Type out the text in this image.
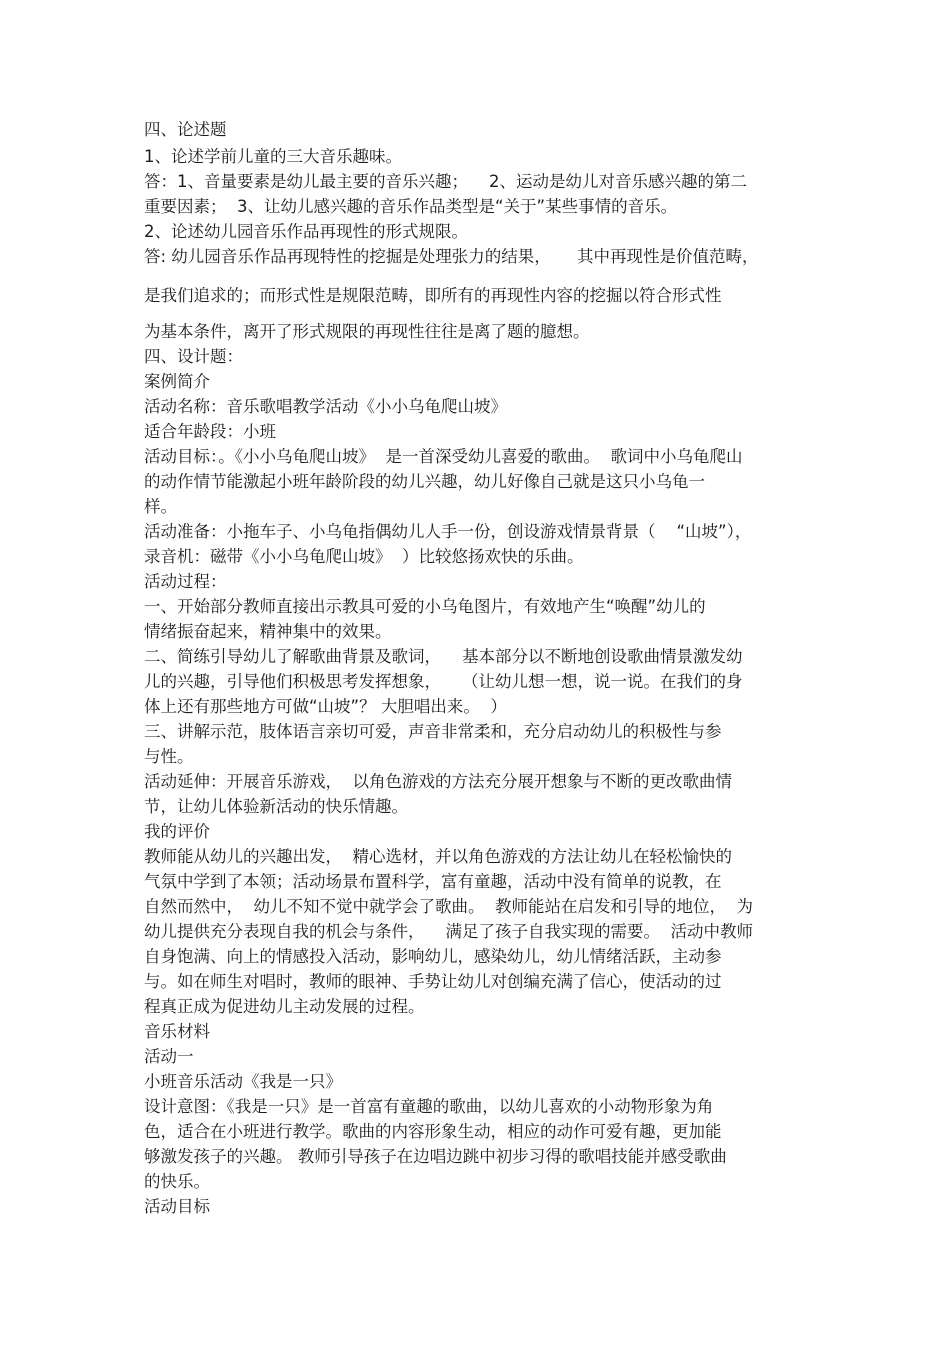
四、论述题

1、论述学前儿童的三大音乐趣味。

答：1、音量要素是幼儿最主要的音乐兴趣；    2、运动是幼儿对音乐感兴趣的第二

重要因素；  3、让幼儿感兴趣的音乐作品类型是“关于”某些事情的音乐。

2、论述幼儿园音乐作品再现性的形式规限。

答: 幼儿园音乐作品再现特性的挖掘是处理张力的结果，     其中再现性是价值范畴，

是我们追求的；而形式性是规限范畴，即所有的再现性内容的挖掘以符合形式性

为基本条件，离开了形式规限的再现性往往是离了题的臆想。

四、设计题：

案例简介

活动名称：音乐歌唱教学活动《小小乌龟爬山坡》

适合年龄段：小班

活动目标：。《小小乌龟爬山坡》  是一首深受幼儿喜爱的歌曲。  歌词中小乌龟爬山

的动作情节能激起小班年龄阶段的幼儿兴趣，幼儿好像自己就是这只小乌龟一

样。

活动准备：小拖车子、小乌龟指偶幼儿人手一份，创设游戏情景背景（    “山坡”），

录音机：磁带《小小乌龟爬山坡》  ）比较悠扬欢快的乐曲。

活动过程：

一、开始部分教师直接出示教具可爱的小乌龟图片，有效地产生“唤醒”幼儿的

情绪振奋起来，精神集中的效果。

二、简练引导幼儿了解歌曲背景及歌词，    基本部分以不断地创设歌曲情景激发幼

儿的兴趣，引导他们积极思考发挥想象，    （让幼儿想一想，说一说。在我们的身

体上还有那些地方可做“山坡”？ 大胆唱出来。  ）

三、讲解示范，肢体语言亲切可爱，声音非常柔和，充分启动幼儿的积极性与参

与性。

活动延伸：开展音乐游戏，  以角色游戏的方法充分展开想象与不断的更改歌曲情

节，让幼儿体验新活动的快乐情趣。

我的评价

教师能从幼儿的兴趣出发，  精心选材，并以角色游戏的方法让幼儿在轻松愉快的

气氛中学到了本领；活动场景布置科学，富有童趣，活动中没有简单的说教，在

自然而然中，  幼儿不知不觉中就学会了歌曲。  教师能站在启发和引导的地位，  为

幼儿提供充分表现自我的机会与条件，    满足了孩子自我实现的需要。  活动中教师

自身饱满、向上的情感投入活动，影响幼儿，感染幼儿，幼儿情绪活跃，主动参

与。如在师生对唱时，教师的眼神、手势让幼儿对创编充满了信心，使活动的过

程真正成为促进幼儿主动发展的过程。

音乐材料

活动一

小班音乐活动《我是一只》

设计意图：《我是一只》是一首富有童趣的歌曲，以幼儿喜欢的小动物形象为角

色，适合在小班进行教学。歌曲的内容形象生动，相应的动作可爱有趣，更加能

够激发孩子的兴趣。 教师引导孩子在边唱边跳中初步习得的歌唱技能并感受歌曲

的快乐。

活动目标
